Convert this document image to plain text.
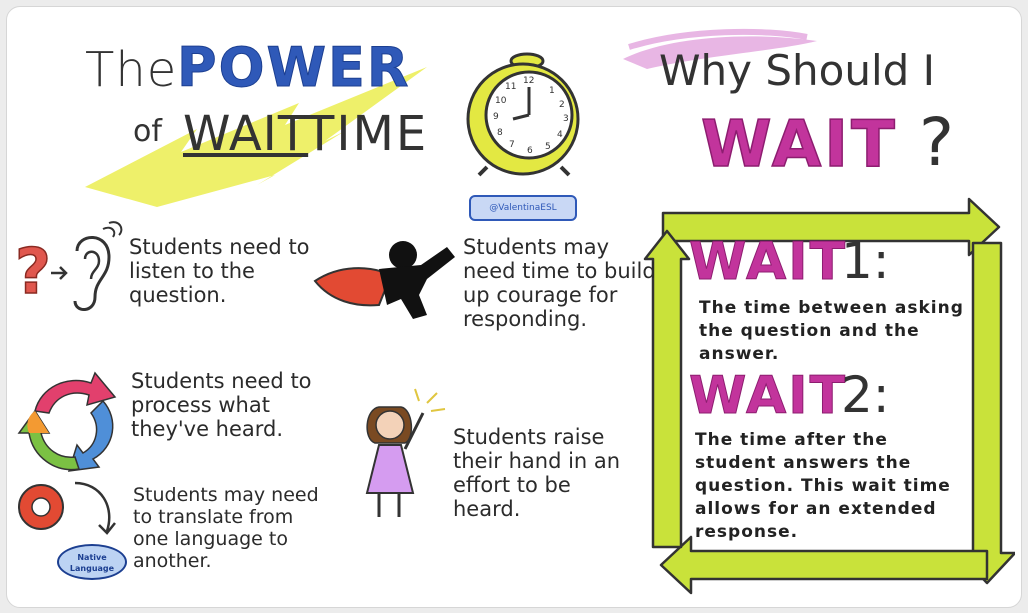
The POWER
of WAIT
TIME
12
1
2
3
4
5
6
7
8
9
10
11
@ValentinaESL
Why Should I
WAIT ?
WAIT
1:
The time between asking the question and the answer.
WAIT
2:
The time after the student answers the question. This wait time allows for an extended response.
?	Students need to listen to the question.
Students may need time to build up courage for responding.
Students need to process what they've heard.	Students raise their hand in an effort to be heard.
Native
Language
Students may need to translate from one language to another.
